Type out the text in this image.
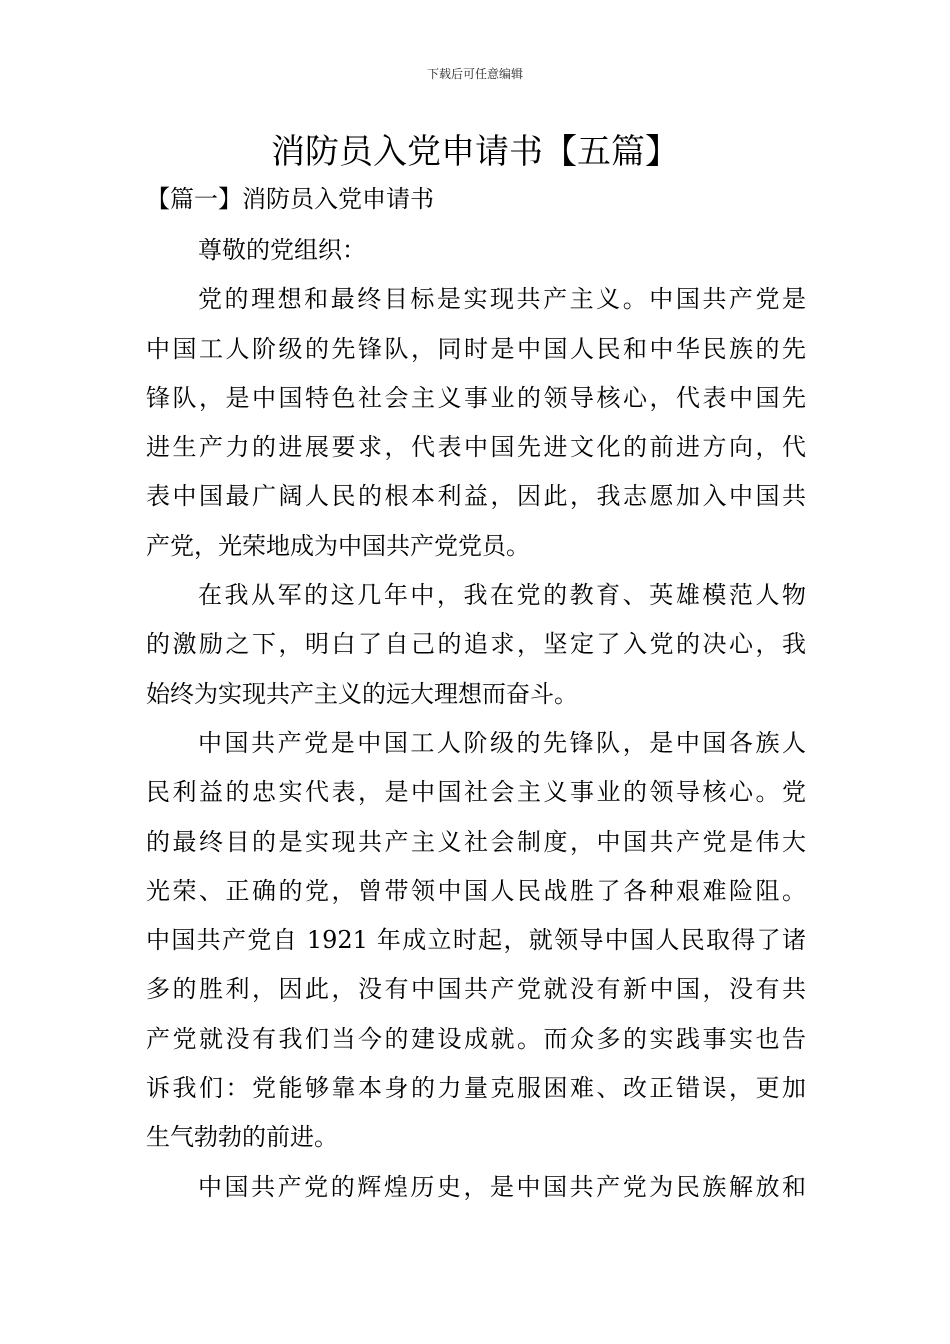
下载后可任意编辑
消防员入党申请书【五篇】
【篇一】消防员入党申请书
尊敬的党组织：
党的理想和最终目标是实现共产主义。中国共产党是
中国工人阶级的先锋队，同时是中国人民和中华民族的先
锋队，是中国特色社会主义事业的领导核心，代表中国先
进生产力的进展要求，代表中国先进文化的前进方向，代
表中国最广阔人民的根本利益，因此，我志愿加入中国共
产党，光荣地成为中国共产党党员。
在我从军的这几年中，我在党的教育、英雄模范人物
的激励之下，明白了自己的追求，坚定了入党的决心，我
始终为实现共产主义的远大理想而奋斗。
中国共产党是中国工人阶级的先锋队，是中国各族人
民利益的忠实代表，是中国社会主义事业的领导核心。党
的最终目的是实现共产主义社会制度，中国共产党是伟大
光荣、正确的党，曾带领中国人民战胜了各种艰难险阻。
中国共产党自 1921 年成立时起，就领导中国人民取得了诸
多的胜利，因此，没有中国共产党就没有新中国，没有共
产党就没有我们当今的建设成就。而众多的实践事实也告
诉我们：党能够靠本身的力量克服困难、改正错误，更加
生气勃勃的前进。
中国共产党的辉煌历史，是中国共产党为民族解放和
